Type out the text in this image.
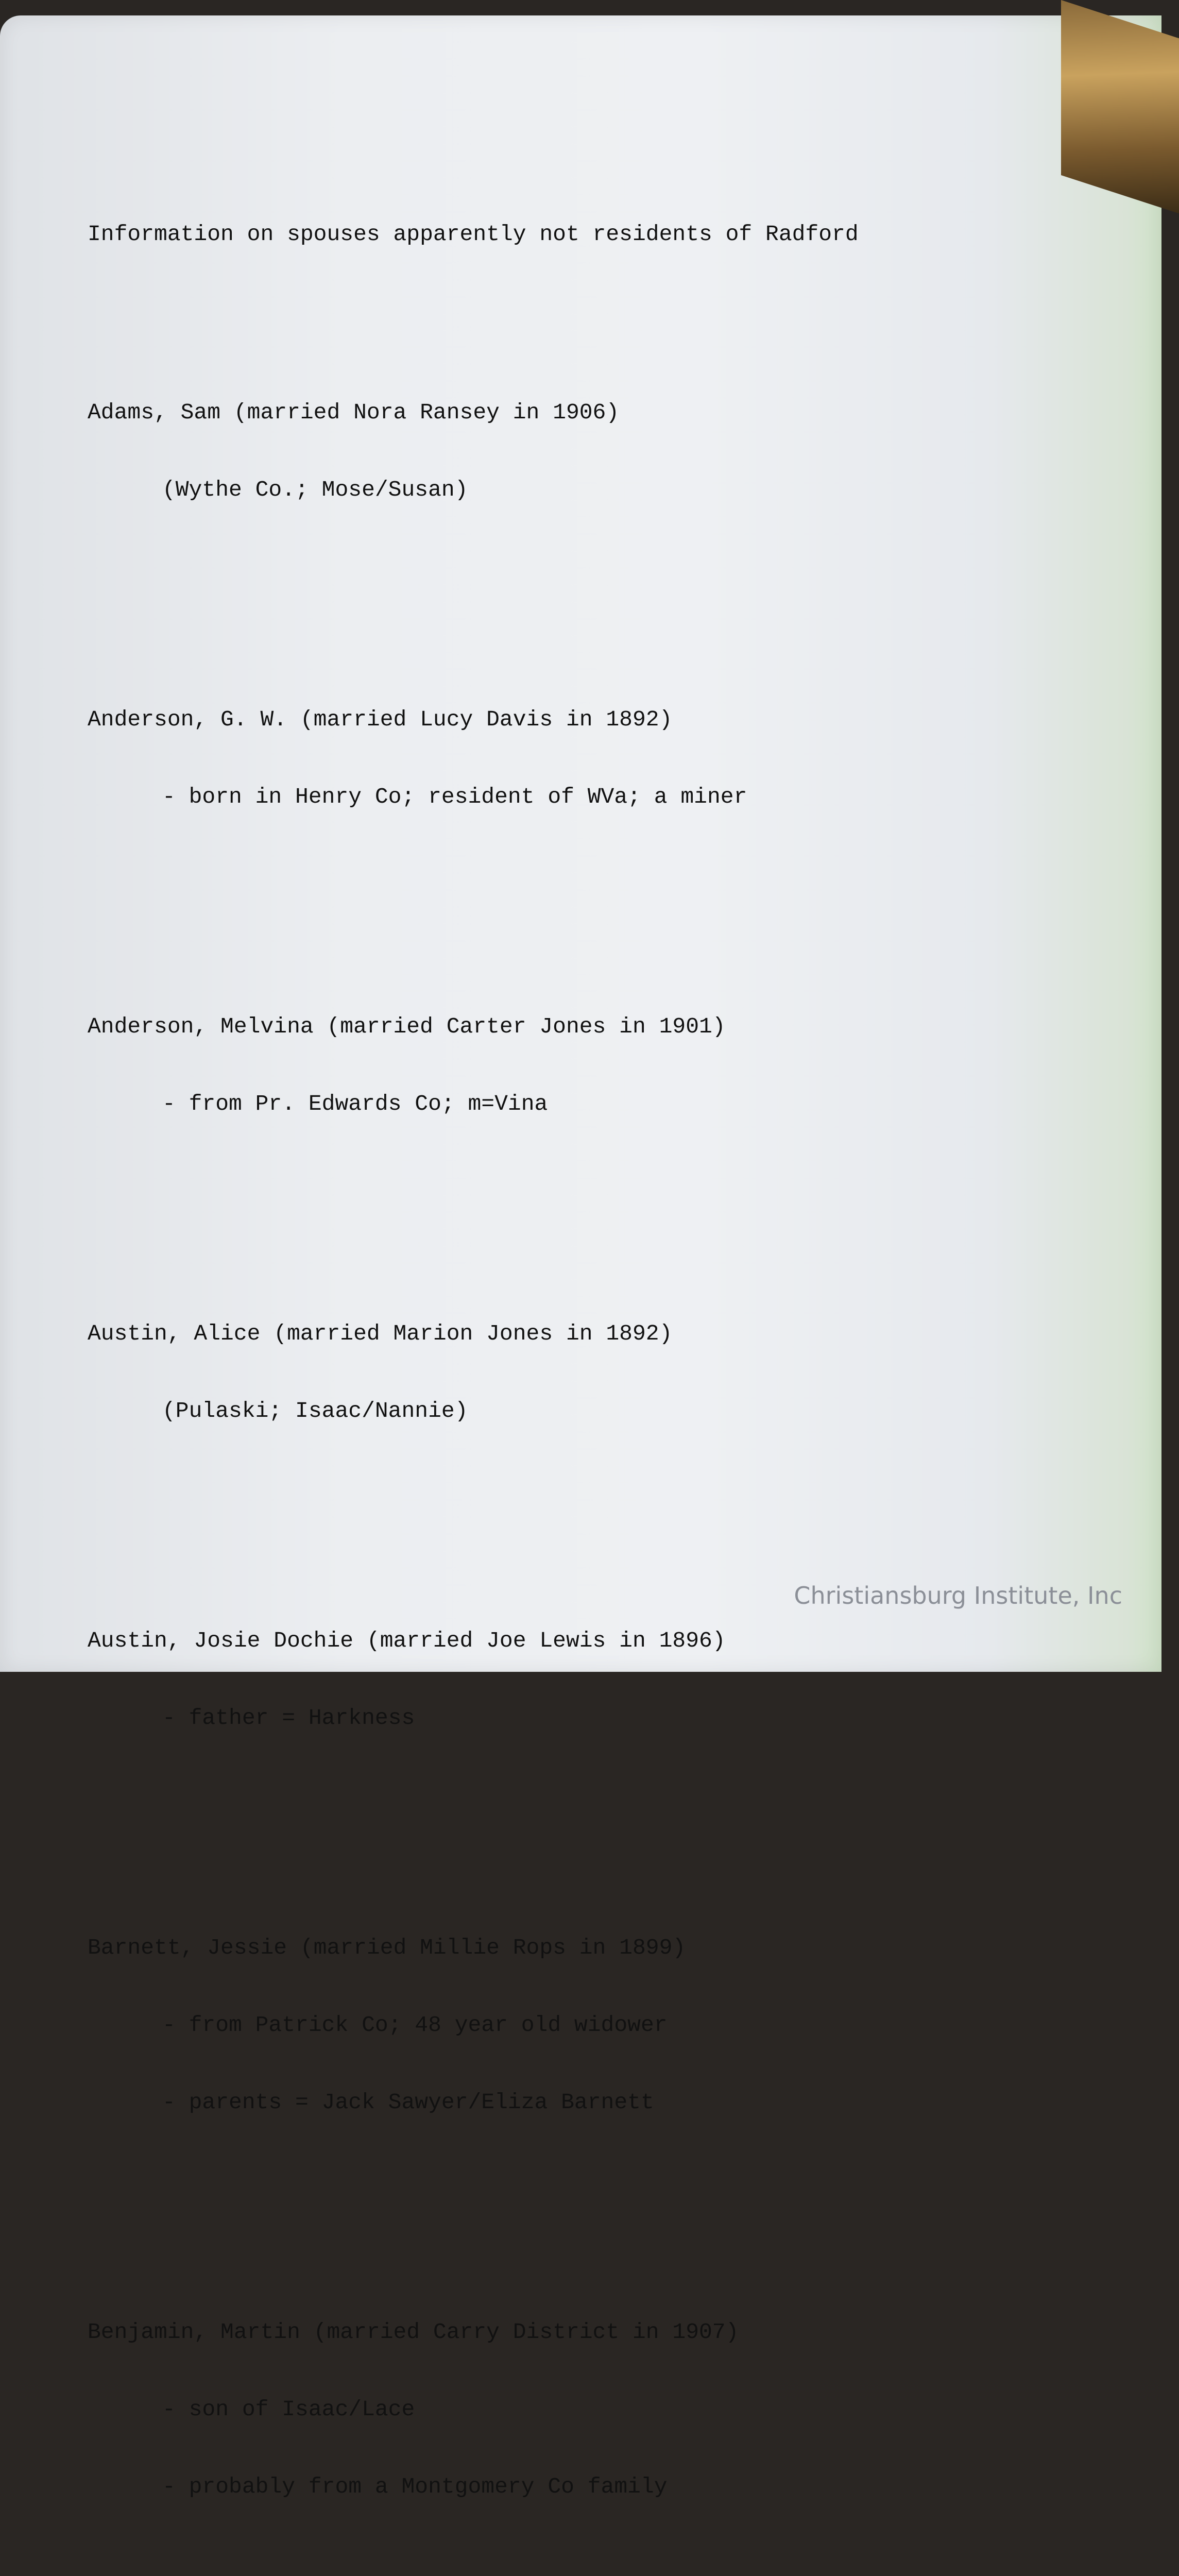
Information on spouses apparently not residents of Radford

Adams, Sam (married Nora Ransey in 1906)

(Wythe Co.; Mose/Susan)

Anderson, G. W. (married Lucy Davis in 1892)

- born in Henry Co; resident of WVa; a miner

Anderson, Melvina (married Carter Jones in 1901)

- from Pr. Edwards Co; m=Vina

Austin, Alice (married Marion Jones in 1892)

(Pulaski; Isaac/Nannie)

Austin, Josie Dochie (married Joe Lewis in 1896)

- father = Harkness

Barnett, Jessie (married Millie Rops in 1899)

- from Patrick Co; 48 year old widower

- parents = Jack Sawyer/Eliza Barnett

Benjamin, Martin (married Carry District in 1907)

- son of Isaac/Lace

- probably from a Montgomery Co family

Christiansburg Institute, Inc
